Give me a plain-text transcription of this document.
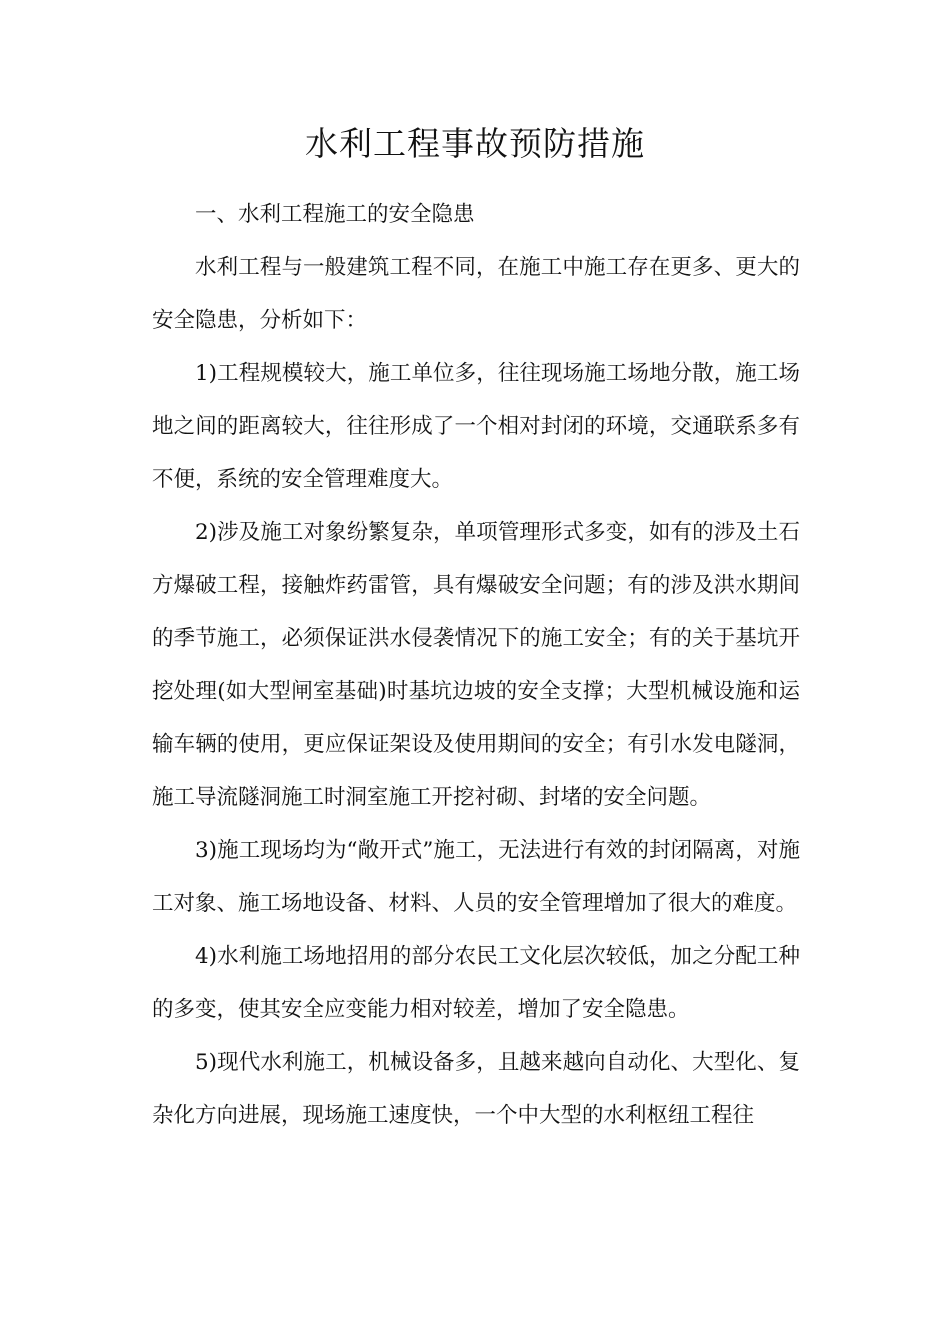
水利工程事故预防措施

一、水利工程施工的安全隐患

水利工程与一般建筑工程不同，在施工中施工存在更多、更大的安全隐患，分析如下：

1)工程规模较大，施工单位多，往往现场施工场地分散，施工场地之间的距离较大，往往形成了一个相对封闭的环境，交通联系多有不便，系统的安全管理难度大。

2)涉及施工对象纷繁复杂，单项管理形式多变，如有的涉及土石方爆破工程，接触炸药雷管，具有爆破安全问题；有的涉及洪水期间的季节施工，必须保证洪水侵袭情况下的施工安全；有的关于基坑开挖处理(如大型闸室基础)时基坑边坡的安全支撑；大型机械设施和运输车辆的使用，更应保证架设及使用期间的安全；有引水发电隧洞，施工导流隧洞施工时洞室施工开挖衬砌、封堵的安全问题。

3)施工现场均为“敞开式”施工，无法进行有效的封闭隔离，对施工对象、施工场地设备、材料、人员的安全管理增加了很大的难度。

4)水利施工场地招用的部分农民工文化层次较低，加之分配工种的多变，使其安全应变能力相对较差，增加了安全隐患。

5)现代水利施工，机械设备多，且越来越向自动化、大型化、复杂化方向进展，现场施工速度快，一个中大型的水利枢纽工程往
